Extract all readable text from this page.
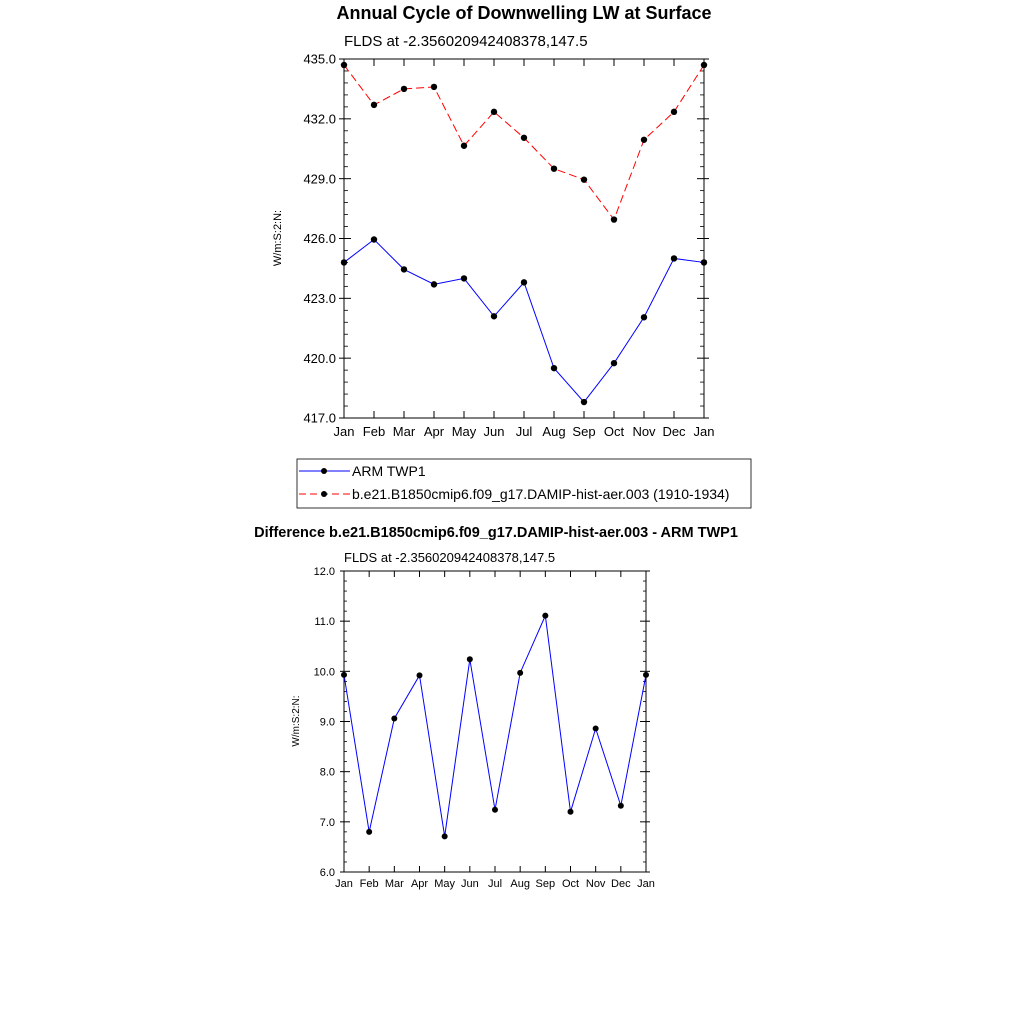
Annual Cycle of Downwelling LW at Surface
FLDS at -2.356020942408378,147.5
W/m:S:2:N:
417.0
420.0
423.0
426.0
429.0
432.0
435.0
Jan Feb Mar Apr May Jun Jul Aug Sep Oct Nov Dec Jan
ARM TWP1
b.e21.B1850cmip6.f09_g17.DAMIP-hist-aer.003 (1910-1934)
Difference b.e21.B1850cmip6.f09_g17.DAMIP-hist-aer.003 - ARM TWP1
FLDS at -2.356020942408378,147.5
W/m:S:2:N:
6.0
7.0
8.0
9.0
10.0
11.0
12.0
Jan Feb Mar Apr May Jun Jul Aug Sep Oct Nov Dec Jan
